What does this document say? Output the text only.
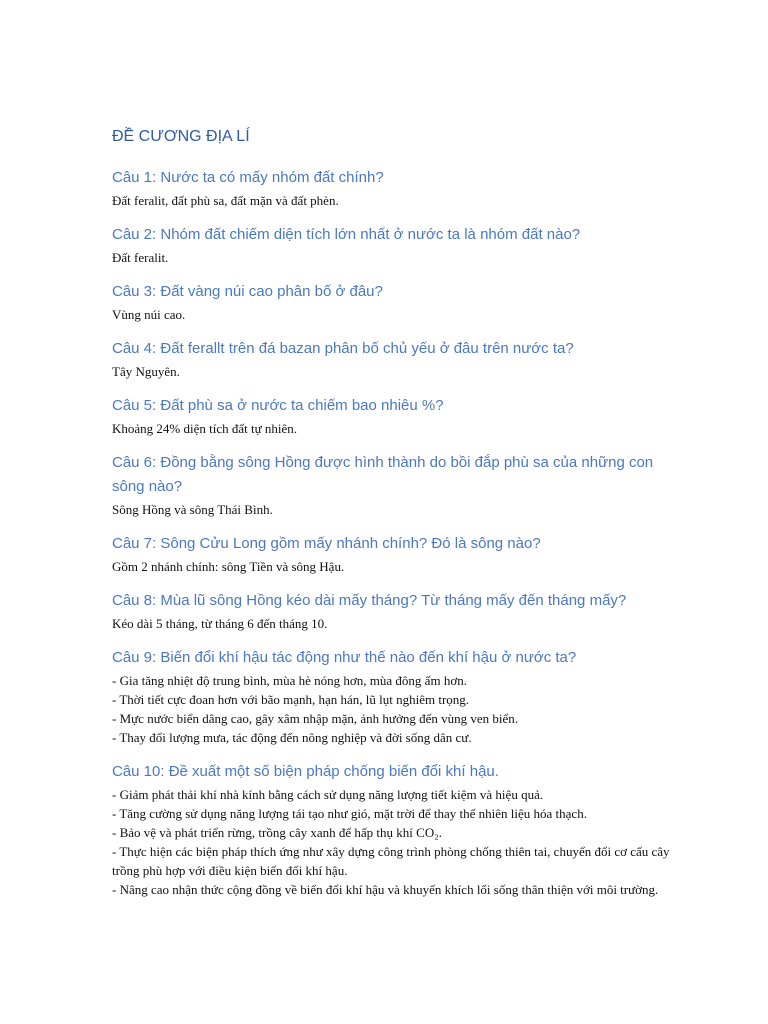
ĐỀ CƯƠNG ĐỊA LÍ
Câu 1: Nước ta có mấy nhóm đất chính?
Đất feralit, đất phù sa, đất mặn và đất phèn.
Câu 2: Nhóm đất chiếm diện tích lớn nhất ở nước ta là nhóm đất nào?
Đất feralit.
Câu 3: Đất vàng núi cao phân bố ở đâu?
Vùng núi cao.
Câu 4: Đất ferallt trên đá bazan phân bố chủ yếu ở đâu trên nước ta?
Tây Nguyên.
Câu 5: Đất phù sa ở nước ta chiếm bao nhiêu %?
Khoảng 24% diện tích đất tự nhiên.
Câu 6: Đồng bằng sông Hồng được hình thành do bồi đắp phù sa của những con sông nào?
Sông Hồng và sông Thái Bình.
Câu 7: Sông Cửu Long gồm mấy nhánh chính? Đó là sông nào?
Gồm 2 nhánh chính: sông Tiền và sông Hậu.
Câu 8: Mùa lũ sông Hồng kéo dài mấy tháng? Từ tháng mấy đến tháng mấy?
Kéo dài 5 tháng, từ tháng 6 đến tháng 10.
Câu 9: Biến đổi khí hậu tác động như thế nào đến khí hậu ở nước ta?
- Gia tăng nhiệt độ trung bình, mùa hè nóng hơn, mùa đông ấm hơn.
- Thời tiết cực đoan hơn với bão mạnh, hạn hán, lũ lụt nghiêm trọng.
- Mực nước biển dâng cao, gây xâm nhập mặn, ảnh hưởng đến vùng ven biển.
- Thay đổi lượng mưa, tác động đến nông nghiệp và đời sống dân cư.
Câu 10: Đề xuất một số biện pháp chống biến đổi khí hậu.
- Giảm phát thải khí nhà kính bằng cách sử dụng năng lượng tiết kiệm và hiệu quả.
- Tăng cường sử dụng năng lượng tái tạo như gió, mặt trời để thay thế nhiên liệu hóa thạch.
- Bảo vệ và phát triển rừng, trồng cây xanh để hấp thụ khí CO₂.
- Thực hiện các biện pháp thích ứng như xây dựng công trình phòng chống thiên tai, chuyển đổi cơ cấu cây trồng phù hợp với điều kiện biến đổi khí hậu.
- Nâng cao nhận thức cộng đồng về biến đổi khí hậu và khuyến khích lối sống thân thiện với môi trường.
